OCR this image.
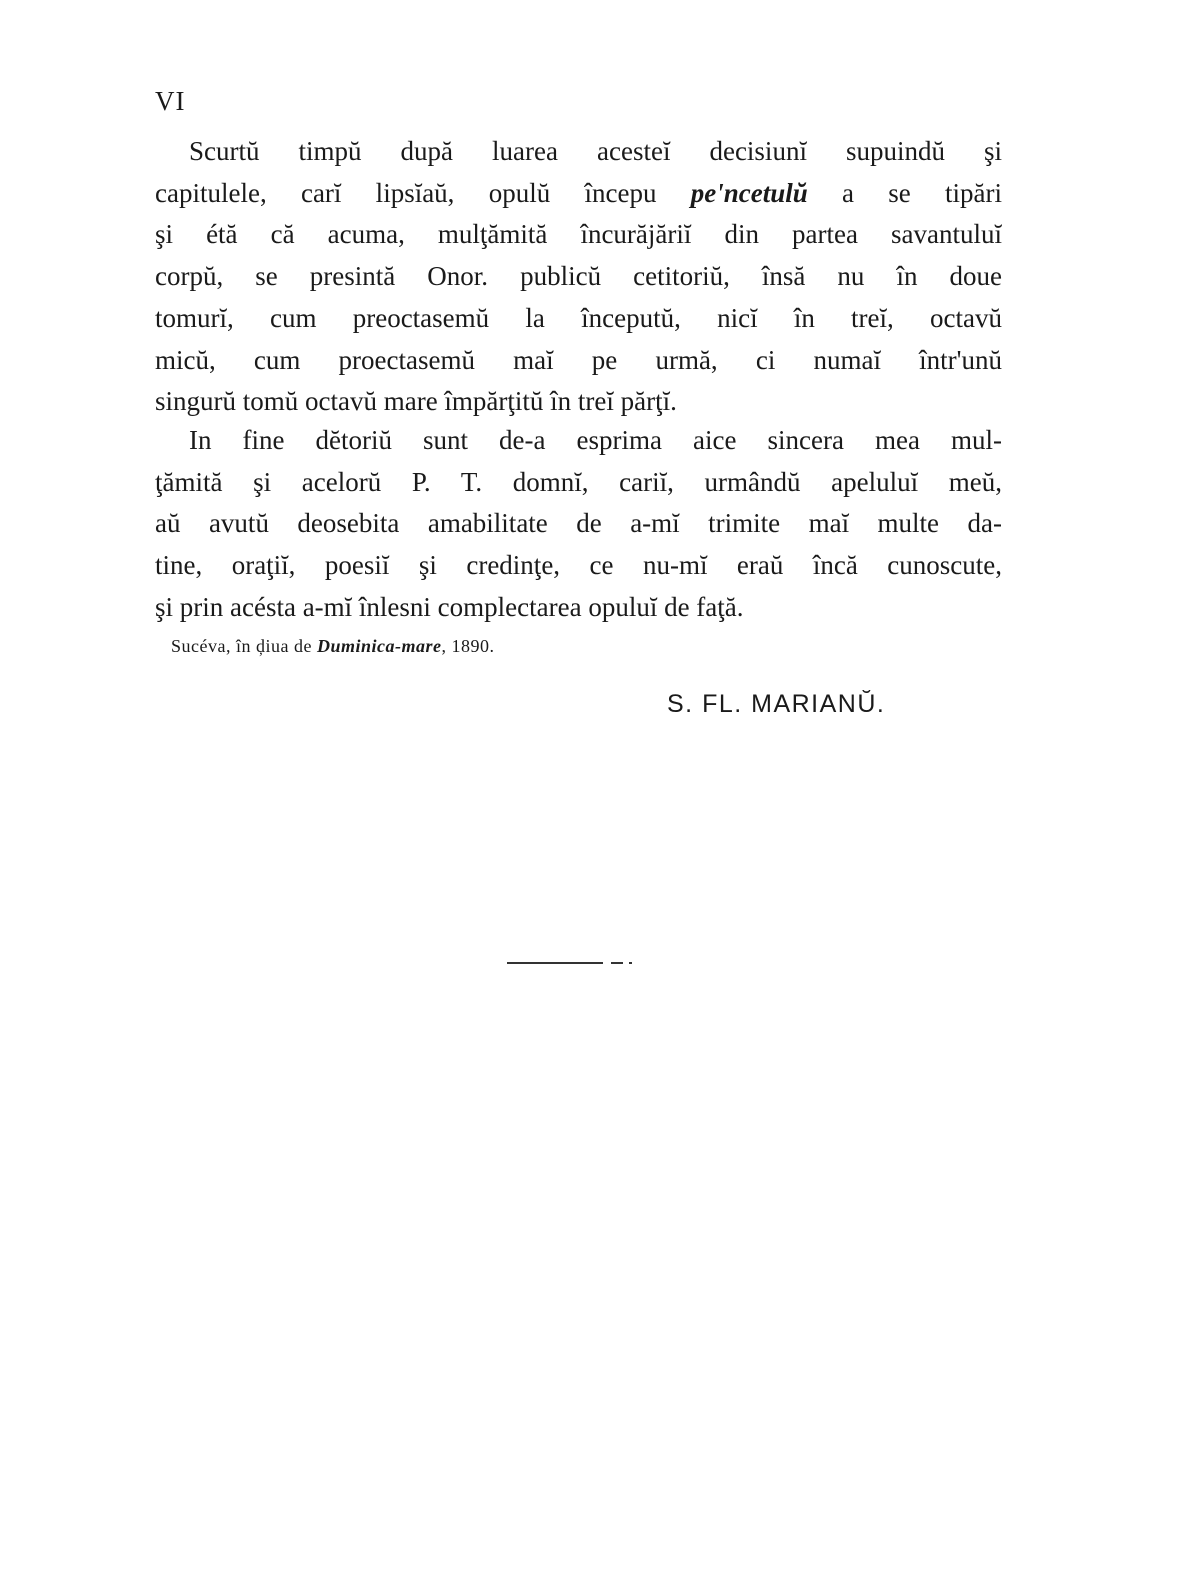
VI
Scurtŭ timpŭ după luarea acesteĭ decisiunĭ supuindŭ şi
capitulele, carĭ lipsĭaŭ, opulŭ începu pe'ncetulŭ a se tipări
şi étă că acuma, mulţămită încurăjăriĭ din partea savantuluĭ
corpŭ, se presintă Onor. publicŭ cetitoriŭ, însă nu în doue
tomurĭ, cum preoctasemŭ la începutŭ, nicĭ în treĭ, octavŭ
micŭ, cum proectasemŭ maĭ pe urmă, ci numaĭ într'unŭ
singurŭ tomŭ octavŭ mare împărţitŭ în treĭ părţĭ.
In fine dĕtoriŭ sunt de-a esprima aice sincera mea mul-
ţămită şi acelorŭ P. T. domnĭ, cariĭ, urmândŭ apeluluĭ meŭ,
aŭ avutŭ deosebita amabilitate de a-mĭ trimite maĭ multe da-
tine, oraţiĭ, poesiĭ şi credinţe, ce nu-mĭ eraŭ încă cunoscute,
şi prin acésta a-mĭ înlesni complectarea opuluĭ de faţă.
Sucéva, în ḑiua de Duminica-mare, 1890.
S. FL. MARIANŬ.
